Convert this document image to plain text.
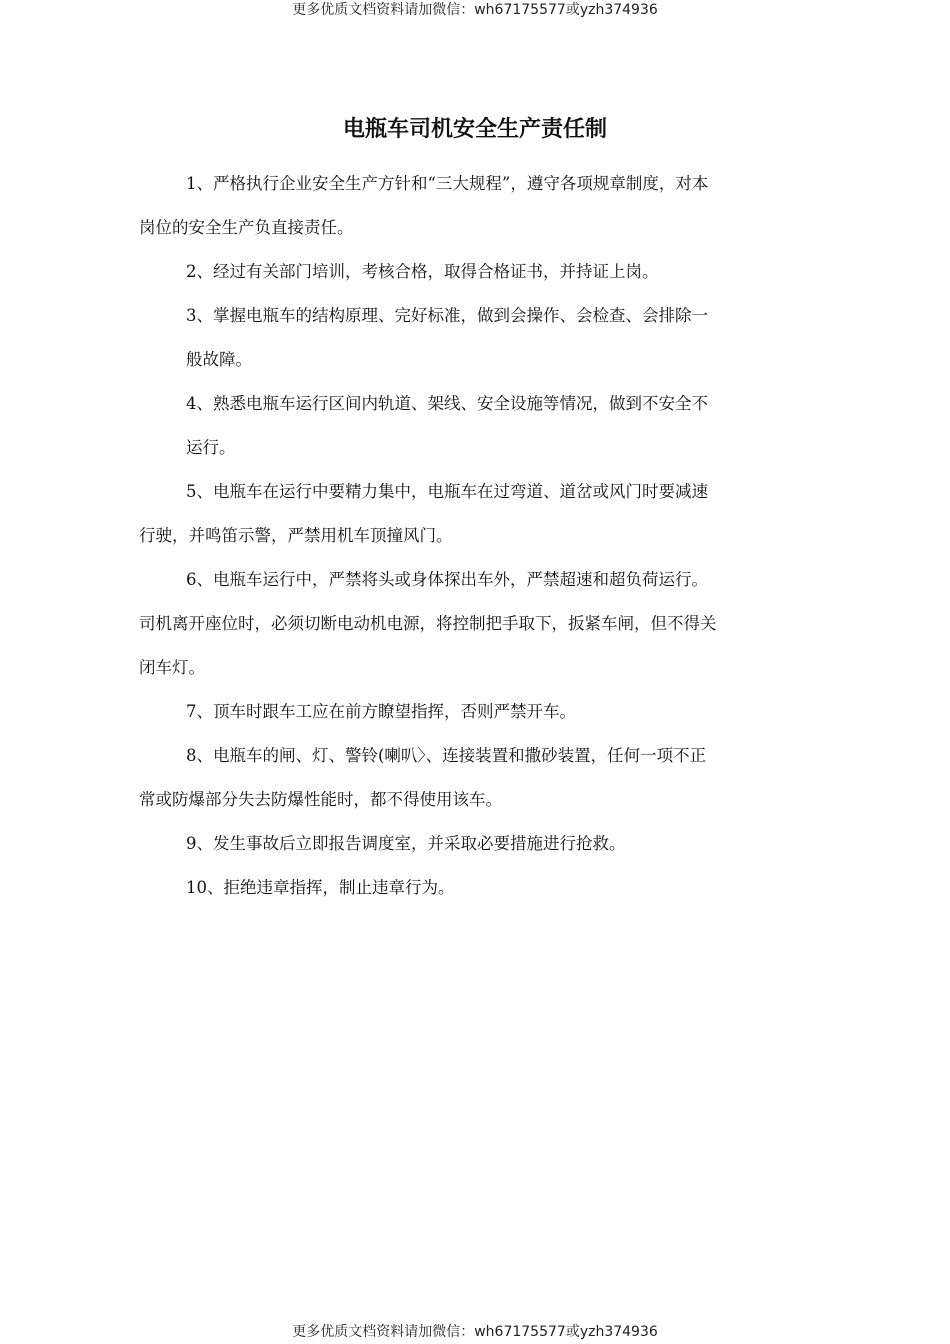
更多优质文档资料请加微信：wh67175577或yzh374936
电瓶车司机安全生产责任制
1、严格执行企业安全生产方针和“三大规程”，遵守各项规章制度，对本
岗位的安全生产负直接责任。
2、经过有关部门培训，考核合格，取得合格证书，并持证上岗。
3、掌握电瓶车的结构原理、完好标准，做到会操作、会检查、会排除一
般故障。
4、熟悉电瓶车运行区间内轨道、架线、安全设施等情况，做到不安全不
运行。
5、电瓶车在运行中要精力集中，电瓶车在过弯道、道岔或风门时要减速
行驶，并鸣笛示警，严禁用机车顶撞风门。
6、电瓶车运行中，严禁将头或身体探出车外，严禁超速和超负荷运行。
司机离开座位时，必须切断电动机电源，将控制把手取下，扳紧车闸，但不得关
闭车灯。
7、顶车时跟车工应在前方瞭望指挥，否则严禁开车。
8、电瓶车的闸、灯、警铃(喇叭〉、连接装置和撒砂装置，任何一项不正
常或防爆部分失去防爆性能时，都不得使用该车。
9、发生事故后立即报告调度室，并采取必要措施进行抢救。
10、拒绝违章指挥，制止违章行为。
更多优质文档资料请加微信：wh67175577或yzh374936
